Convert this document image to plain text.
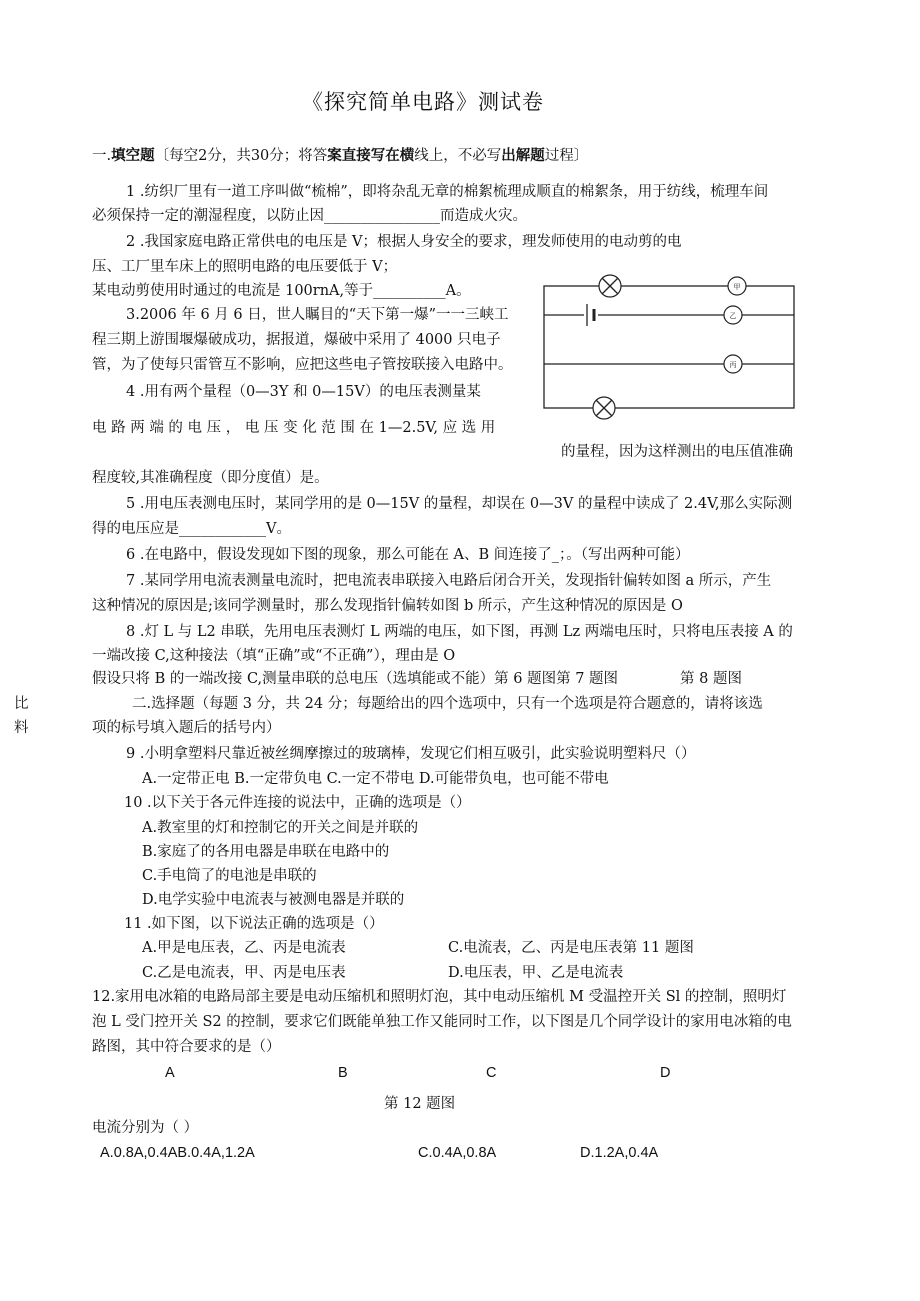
《探究简单电路》测试卷
一.填空题〔每空2分，共30分；将答案直接写在横线上，不必写出解题过程〕
1 .纺织厂里有一道工序叫做“梳棉”，即将杂乱无章的棉絮梳理成顺直的棉絮条，用于纺线，梳理车间
必须保持一定的潮湿程度，以防止因________________而造成火灾。
2 .我国家庭电路正常供电的电压是 V；根据人身安全的要求，理发师使用的电动剪的电
压、工厂里车床上的照明电路的电压要低于 V；
某电动剪使用时通过的电流是 100rnA,等于__________A。
3.2006 年 6 月 6 日，世人瞩目的“天下第一爆”一一三峡工
程三期上游围堰爆破成功，据报道，爆破中采用了 4000 只电子
管，为了使每只雷管互不影响，应把这些电子管按联接入电路中。
4 .用有两个量程（0—3Y 和 0—15V）的电压表测量某
电 路 两 端 的 电 压 ， 电 压 变 化 范 围 在 1—2.5V, 应 选 用
的量程，因为这样测出的电压值准确
程度较,其准确程度（即分度值）是。
甲
乙
丙
5 .用电压表测电压时，某同学用的是 0—15V 的量程，却误在 0—3V 的量程中读成了 2.4V,那么实际测
得的电压应是____________V。
6 .在电路中，假设发现如下图的现象，那么可能在 A、B 间连接了_；。（写出两种可能）
7 .某同学用电流表测量电流时，把电流表串联接入电路后闭合开关，发现指针偏转如图 a 所示，产生
这种情况的原因是;该同学测量时，那么发现指针偏转如图 b 所示，产生这种情况的原因是 O
8 .灯 L 与 L2 串联，先用电压表测灯 L 两端的电压，如下图，再测 Lz 两端电压时，只将电压表接 A 的
一端改接 C,这种接法（填“正确”或“不正确”），理由是 O
假设只将 B 的一端改接 C,测量串联的总电压（选填能或不能）第 6 题图第 7 题图	第 8 题图
比
料
二.选择题（每题 3 分，共 24 分；每题给出的四个选项中，只有一个选项是符合题意的，请将该选
项的标号填入题后的括号内）
9 .小明拿塑料尺靠近被丝绸摩擦过的玻璃棒，发现它们相互吸引，此实验说明塑料尺（）
A.一定带正电 B.一定带负电 C.一定不带电 D.可能带负电，也可能不带电
10 .以下关于各元件连接的说法中，正确的选项是（）
A.教室里的灯和控制它的开关之间是并联的
B.家庭了的各用电器是串联在电路中的
C.手电筒了的电池是串联的
D.电学实验中电流表与被测电器是并联的
11 .如下图，以下说法正确的选项是（）
A.甲是电压表，乙、丙是电流表	C.电流表，乙、丙是电压表第 11 题图
C.乙是电流表，甲、丙是电压表	D.电压表，甲、乙是电流表
12.家用电冰箱的电路局部主要是电动压缩机和照明灯泡，其中电动压缩机 M 受温控开关 Sl 的控制，照明灯
泡 L 受门控开关 S2 的控制，要求它们既能单独工作又能同时工作，以下图是几个同学设计的家用电冰箱的电
路图，其中符合要求的是（）
A	B	C	D
第 12 题图
电流分别为（ ）
A.0.8A,0.4AB.0.4A,1.2A	C.0.4A,0.8A	D.1.2A,0.4A
